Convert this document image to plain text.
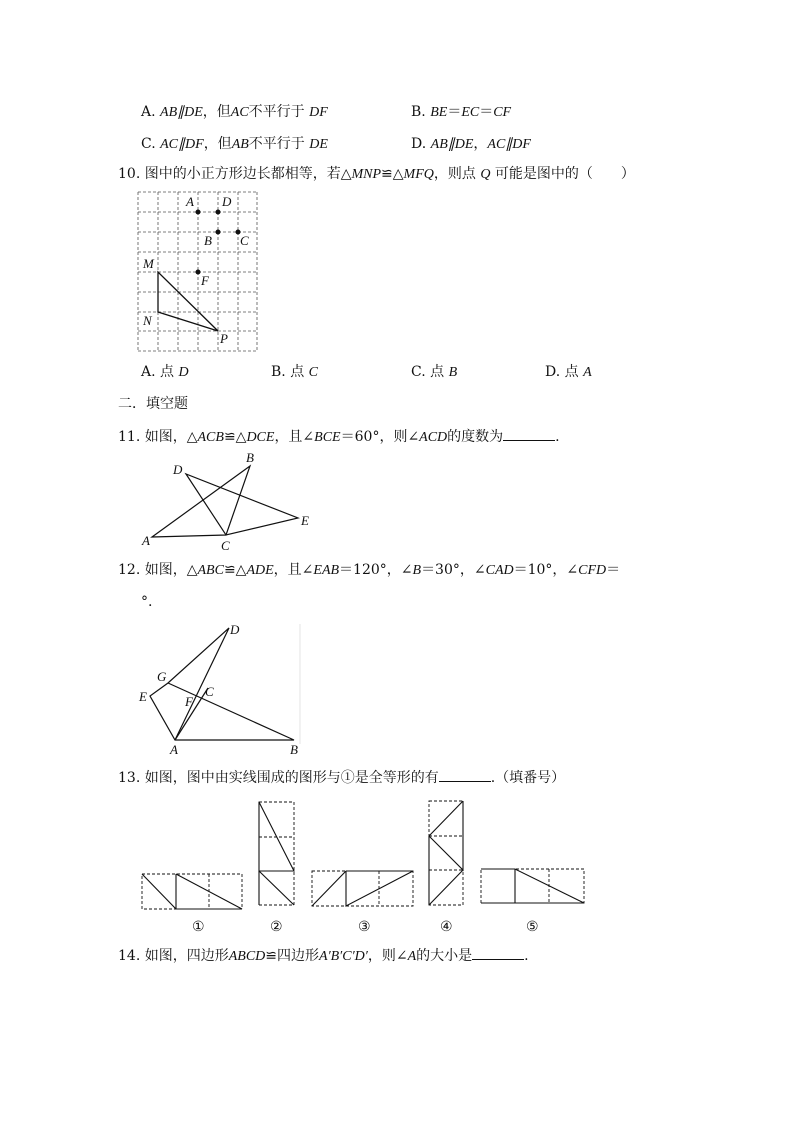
A. AB∥DE，但AC不平行于 DF	B. BE＝EC＝CF
C. AC∥DF，但AB不平行于 DE	D. AB∥DE，AC∥DF
10. 图中的小正方形边长都相等，若△MNP≌△MFQ，则点 Q 可能是图中的（　　）
A D
B C
M
F
N
P
A. 点 D	B. 点 C	C. 点 B	D. 点 A
二．填空题
11. 如图，△ACB≌△DCE，且∠BCE＝60°，则∠ACD的度数为	.
D
B
E
A	C
12. 如图，△ABC≌△ADE，且∠EAB＝120°，∠B＝30°，∠CAD＝10°，∠CFD＝
°.
D
G
C
E	F
A	B
13. 如图，图中由实线围成的图形与①是全等形的有	.（填番号）
①	②	③	④	⑤
14. 如图，四边形ABCD≌四边形A′B′C′D′，则∠A的大小是	.
